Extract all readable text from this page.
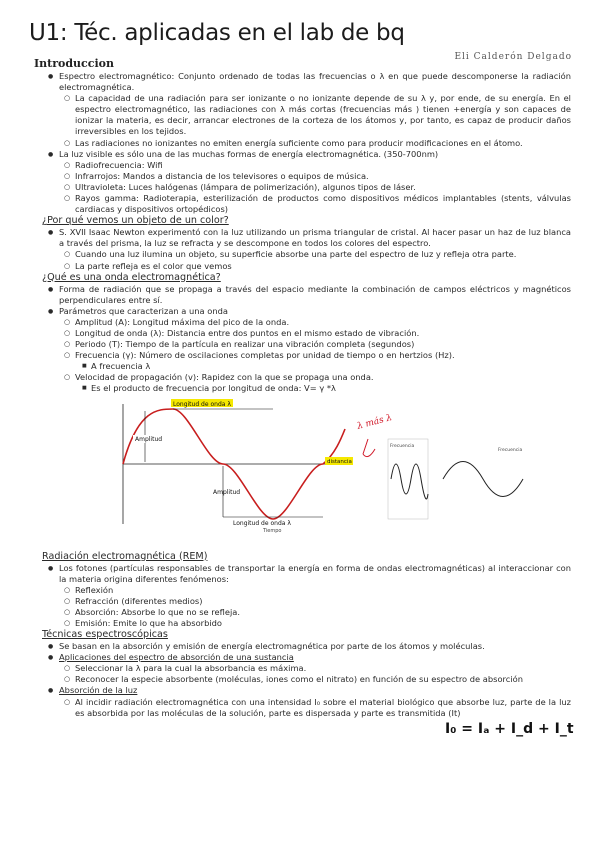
U1: Téc. aplicadas en el lab de bq
Eli Calderón Delgado
Introduccion
● Espectro electromagnético: Conjunto ordenado de todas las frecuencias o λ en que puede descomponerse la radiación electromagnética.
○ La capacidad de una radiación para ser ionizante o no ionizante depende de su λ y, por ende, de su energía. En el espectro electromagnético, las radiaciones con λ más cortas (frecuencias más ) tienen +energía y son capaces de ionizar la materia, es decir, arrancar electrones de la corteza de los átomos y, por tanto, es capaz de producir daños irreversibles en los tejidos.
○ Las radiaciones no ionizantes no emiten energía suficiente como para producir modificaciones en el átomo.
● La luz visible es sólo una de las muchas formas de energía electromagnética. (350-700nm)
○ Radiofrecuencia: Wifi
○ Infrarrojos: Mandos a distancia de los televisores o equipos de música.
○ Ultravioleta: Luces halógenas (lámpara de polimerización), algunos tipos de láser.
○ Rayos gamma: Radioterapia, esterilización de productos como dispositivos médicos implantables (stents, válvulas cardiacas y dispositivos ortopédicos)
¿Por qué vemos un objeto de un color?
● S. XVII Isaac Newton experimentó con la luz utilizando un prisma triangular de cristal. Al hacer pasar un haz de luz blanca a través del prisma, la luz se refracta y se descompone en todos los colores del espectro.
○ Cuando una luz ilumina un objeto, su superficie absorbe una parte del espectro de luz y refleja otra parte.
○ La parte refleja es el color que vemos
¿Qué es una onda electromagnética?
● Forma de radiación que se propaga a través del espacio mediante la combinación de campos eléctricos y magnéticos perpendiculares entre sí.
● Parámetros que caracterizan a una onda
○ Amplitud (A): Longitud máxima del pico de la onda.
○ Longitud de onda (λ): Distancia entre dos puntos en el mismo estado de vibración.
○ Periodo (T): Tiempo de la partícula en realizar una vibración completa (segundos)
○ Frecuencia (γ): Número de oscilaciones completas por unidad de tiempo o en hertzios (Hz).
■ A frecuencia λ
○ Velocidad de propagación (v): Rapidez con la que se propaga una onda.
■ Es el producto de frecuencia por longitud de onda: V= γ *λ
Longitud de onda λ
Amplitud
Amplitud
Longitud de onda λ
Tiempo
distancia
λ más λ
Frecuencia
Frecuencia
Radiación electromagnética (REM)
● Los fotones (partículas responsables de transportar la energía en forma de ondas electromagnéticas) al interaccionar con la materia origina diferentes fenómenos:
○ Reflexión
○ Refracción (diferentes medios)
○ Absorción: Absorbe lo que no se refleja.
○ Emisión: Emite lo que ha absorbido
Técnicas espectroscópicas
● Se basan en la absorción y emisión de energía electromagnética por parte de los átomos y moléculas.
● Aplicaciones del espectro de absorción de una sustancia
○ Seleccionar la λ para la cual la absorbancia es máxima.
○ Reconocer la especie absorbente (moléculas, iones como el nitrato) en función de su espectro de absorción
● Absorción de la luz
○ Al incidir radiación electromagnética con una intensidad I₀ sobre el material biológico que absorbe luz, parte de la luz es absorbida por las moléculas de la solución, parte es dispersada y parte es transmitida (It)
I₀ = Iₐ + I_d + I_t
